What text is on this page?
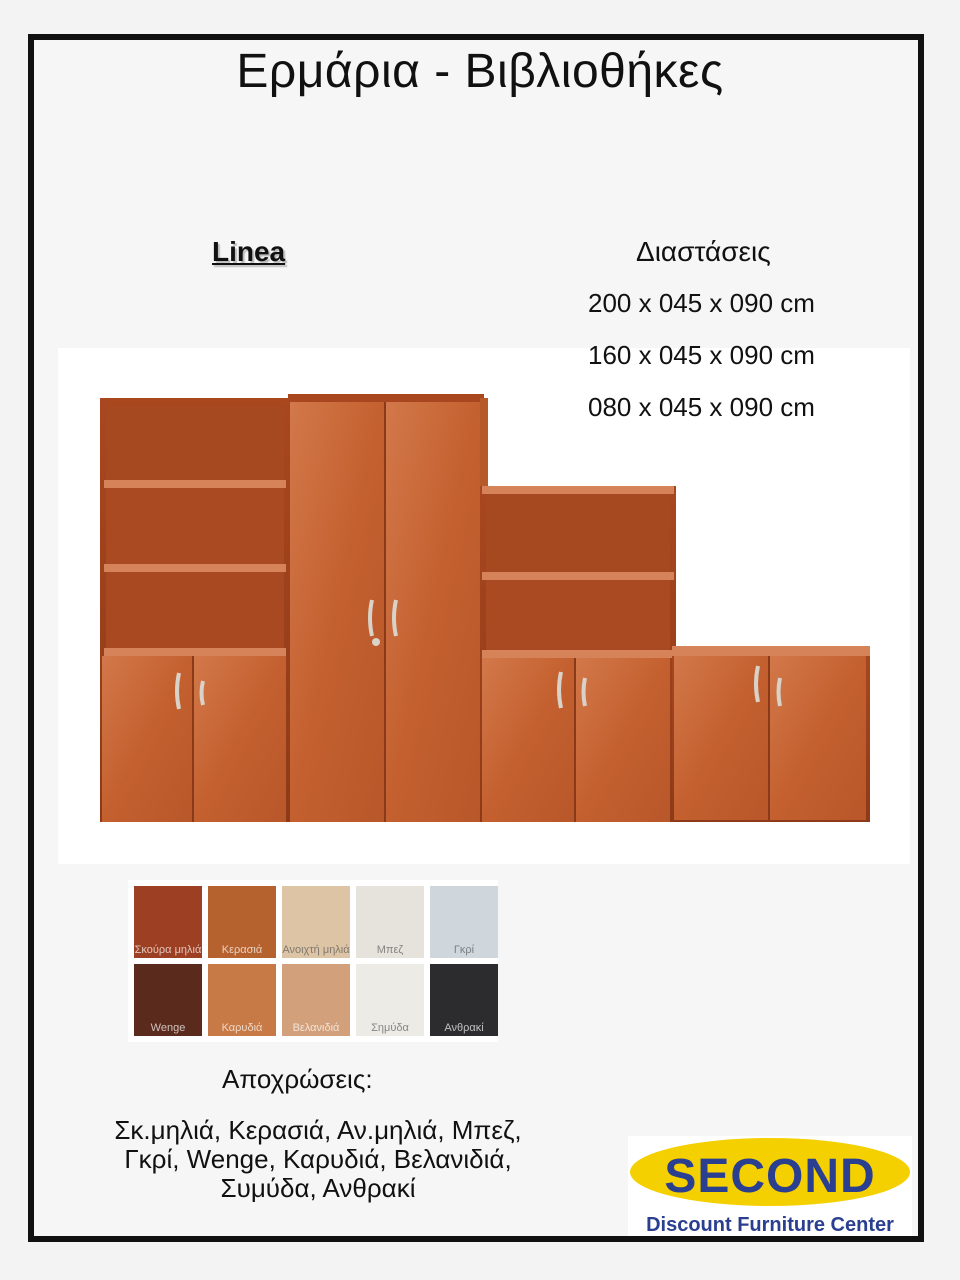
Ερμάρια - Βιβλιοθήκες
Linea	Διαστάσεις
200 x 045 x 090 cm
160 x 045 x 090 cm
080 x 045 x 090 cm
Σκούρα μηλιά	Κερασιά	Ανοιχτή μηλιά	Μπεζ	Γκρί
Wenge	Καρυδιά	Βελανιδιά	Σημύδα	Ανθρακί
Αποχρώσεις:
Σκ.μηλιά, Κερασιά, Αν.μηλιά, Μπεζ, Γκρί, Wenge, Καρυδιά, Βελανιδιά, Συμύδα, Ανθρακί	SECOND
Discount Furniture Center
